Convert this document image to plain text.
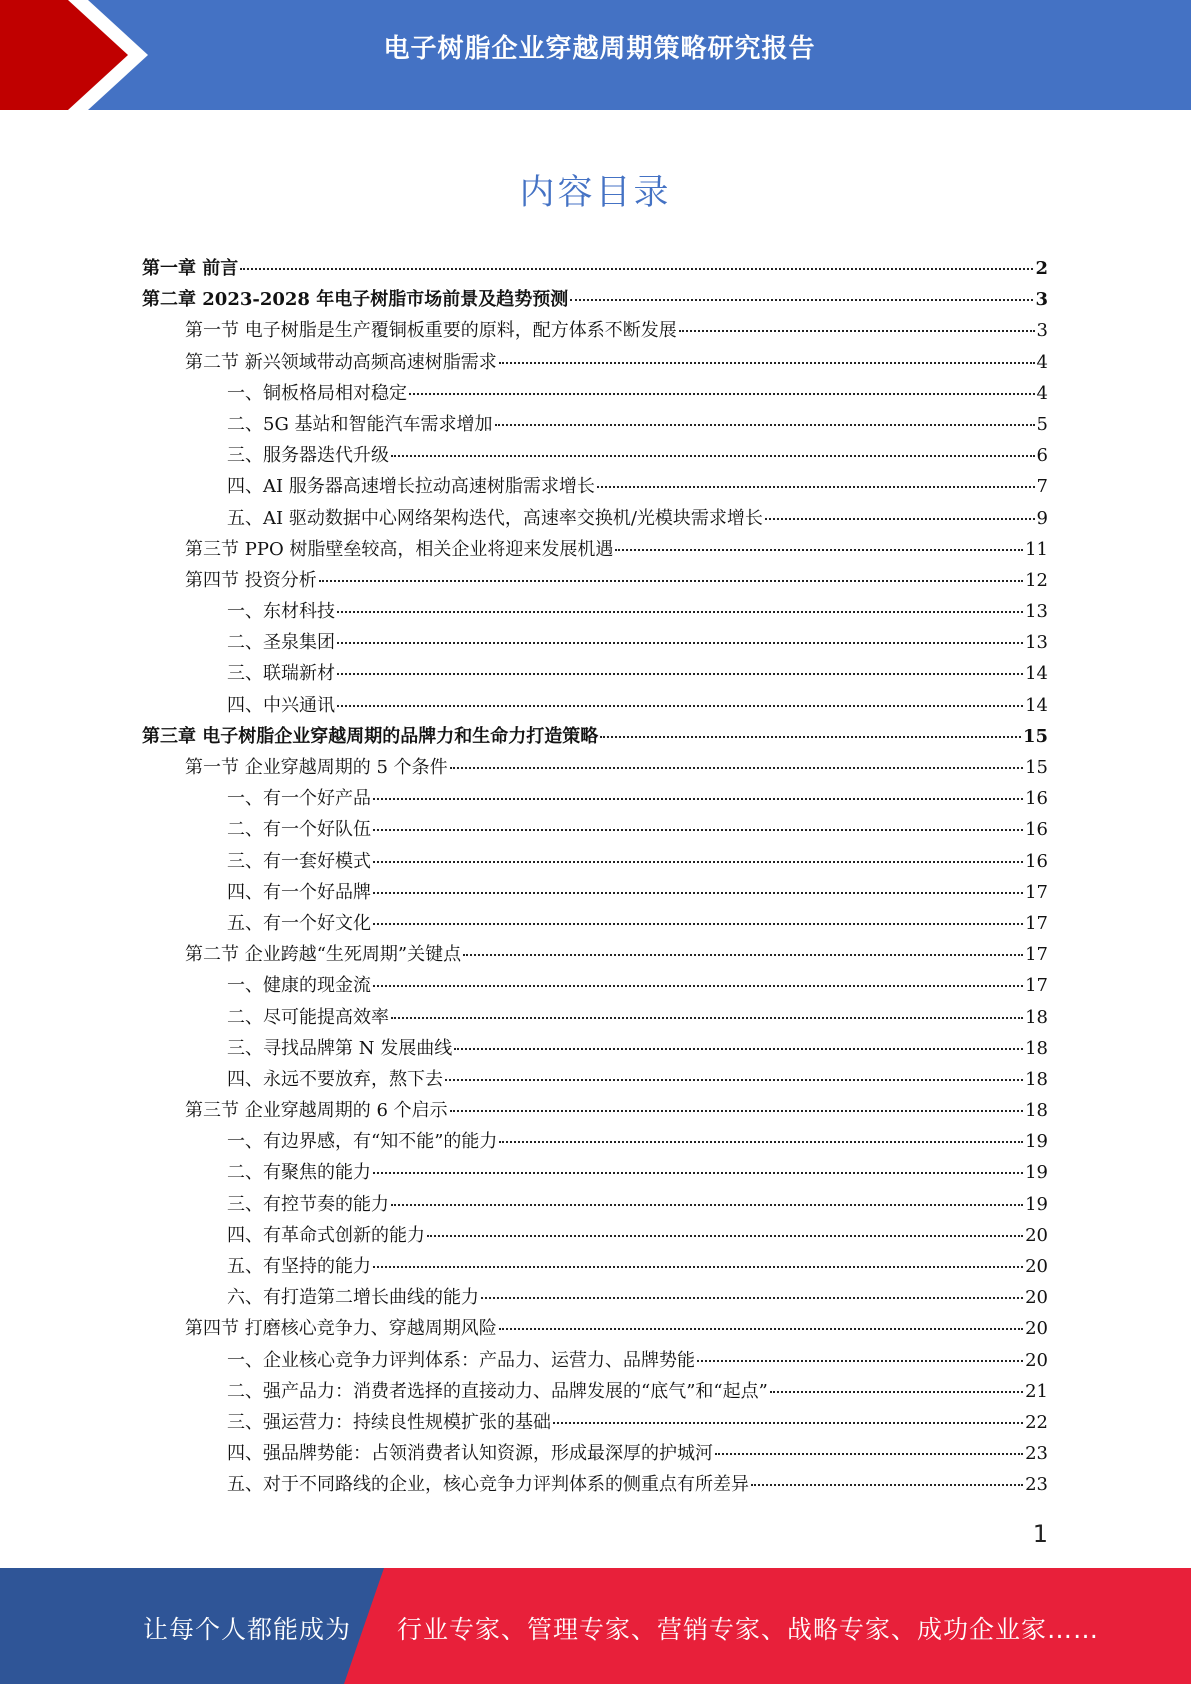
电子树脂企业穿越周期策略研究报告
内容目录
第一章 前言	2
第二章 2023-2028 年电子树脂市场前景及趋势预测	3
第一节 电子树脂是生产覆铜板重要的原料，配方体系不断发展	3
第二节 新兴领域带动高频高速树脂需求	4
一、铜板格局相对稳定	4
二、5G 基站和智能汽车需求增加	5
三、服务器迭代升级	6
四、AI 服务器高速增长拉动高速树脂需求增长	7
五、AI 驱动数据中心网络架构迭代，高速率交换机/光模块需求增长	9
第三节 PPO 树脂壁垒较高，相关企业将迎来发展机遇	11
第四节 投资分析	12
一、东材科技	13
二、圣泉集团	13
三、联瑞新材	14
四、中兴通讯	14
第三章 电子树脂企业穿越周期的品牌力和生命力打造策略	15
第一节 企业穿越周期的 5 个条件	15
一、有一个好产品	16
二、有一个好队伍	16
三、有一套好模式	16
四、有一个好品牌	17
五、有一个好文化	17
第二节 企业跨越“生死周期”关键点	17
一、健康的现金流	17
二、尽可能提高效率	18
三、寻找品牌第 N 发展曲线	18
四、永远不要放弃，熬下去	18
第三节 企业穿越周期的 6 个启示	18
一、有边界感，有“知不能”的能力	19
二、有聚焦的能力	19
三、有控节奏的能力	19
四、有革命式创新的能力	20
五、有坚持的能力	20
六、有打造第二增长曲线的能力	20
第四节 打磨核心竞争力、穿越周期风险	20
一、企业核心竞争力评判体系：产品力、运营力、品牌势能	20
二、强产品力：消费者选择的直接动力、品牌发展的“底气”和“起点”	21
三、强运营力：持续良性规模扩张的基础	22
四、强品牌势能：占领消费者认知资源，形成最深厚的护城河	23
五、对于不同路线的企业，核心竞争力评判体系的侧重点有所差异	23
1
让每个人都能成为 行业专家、管理专家、营销专家、战略专家、成功企业家……
